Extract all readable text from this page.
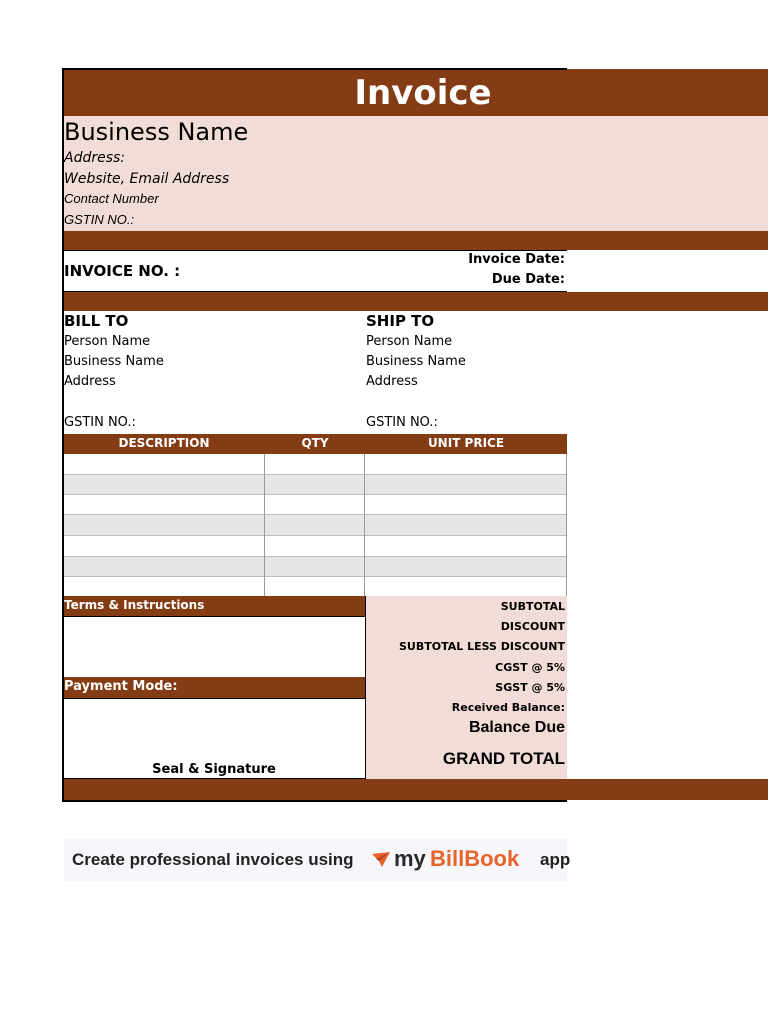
Invoice
Business Name
Address:
Website, Email Address
Contact Number
GSTIN NO.:
INVOICE NO. :
Invoice Date:
Due Date:
BILL TO
Person Name
Business Name
Address
GSTIN NO.:
SHIP TO
Person Name
Business Name
Address
GSTIN NO.:
DESCRIPTION	QTY	UNIT PRICE
Terms & Instructions
Payment Mode:
Seal & Signature
SUBTOTAL
DISCOUNT
SUBTOTAL LESS DISCOUNT
CGST @ 5%
SGST @ 5%
Received Balance:
Balance Due
GRAND TOTAL
Create professional invoices using my BillBook app
